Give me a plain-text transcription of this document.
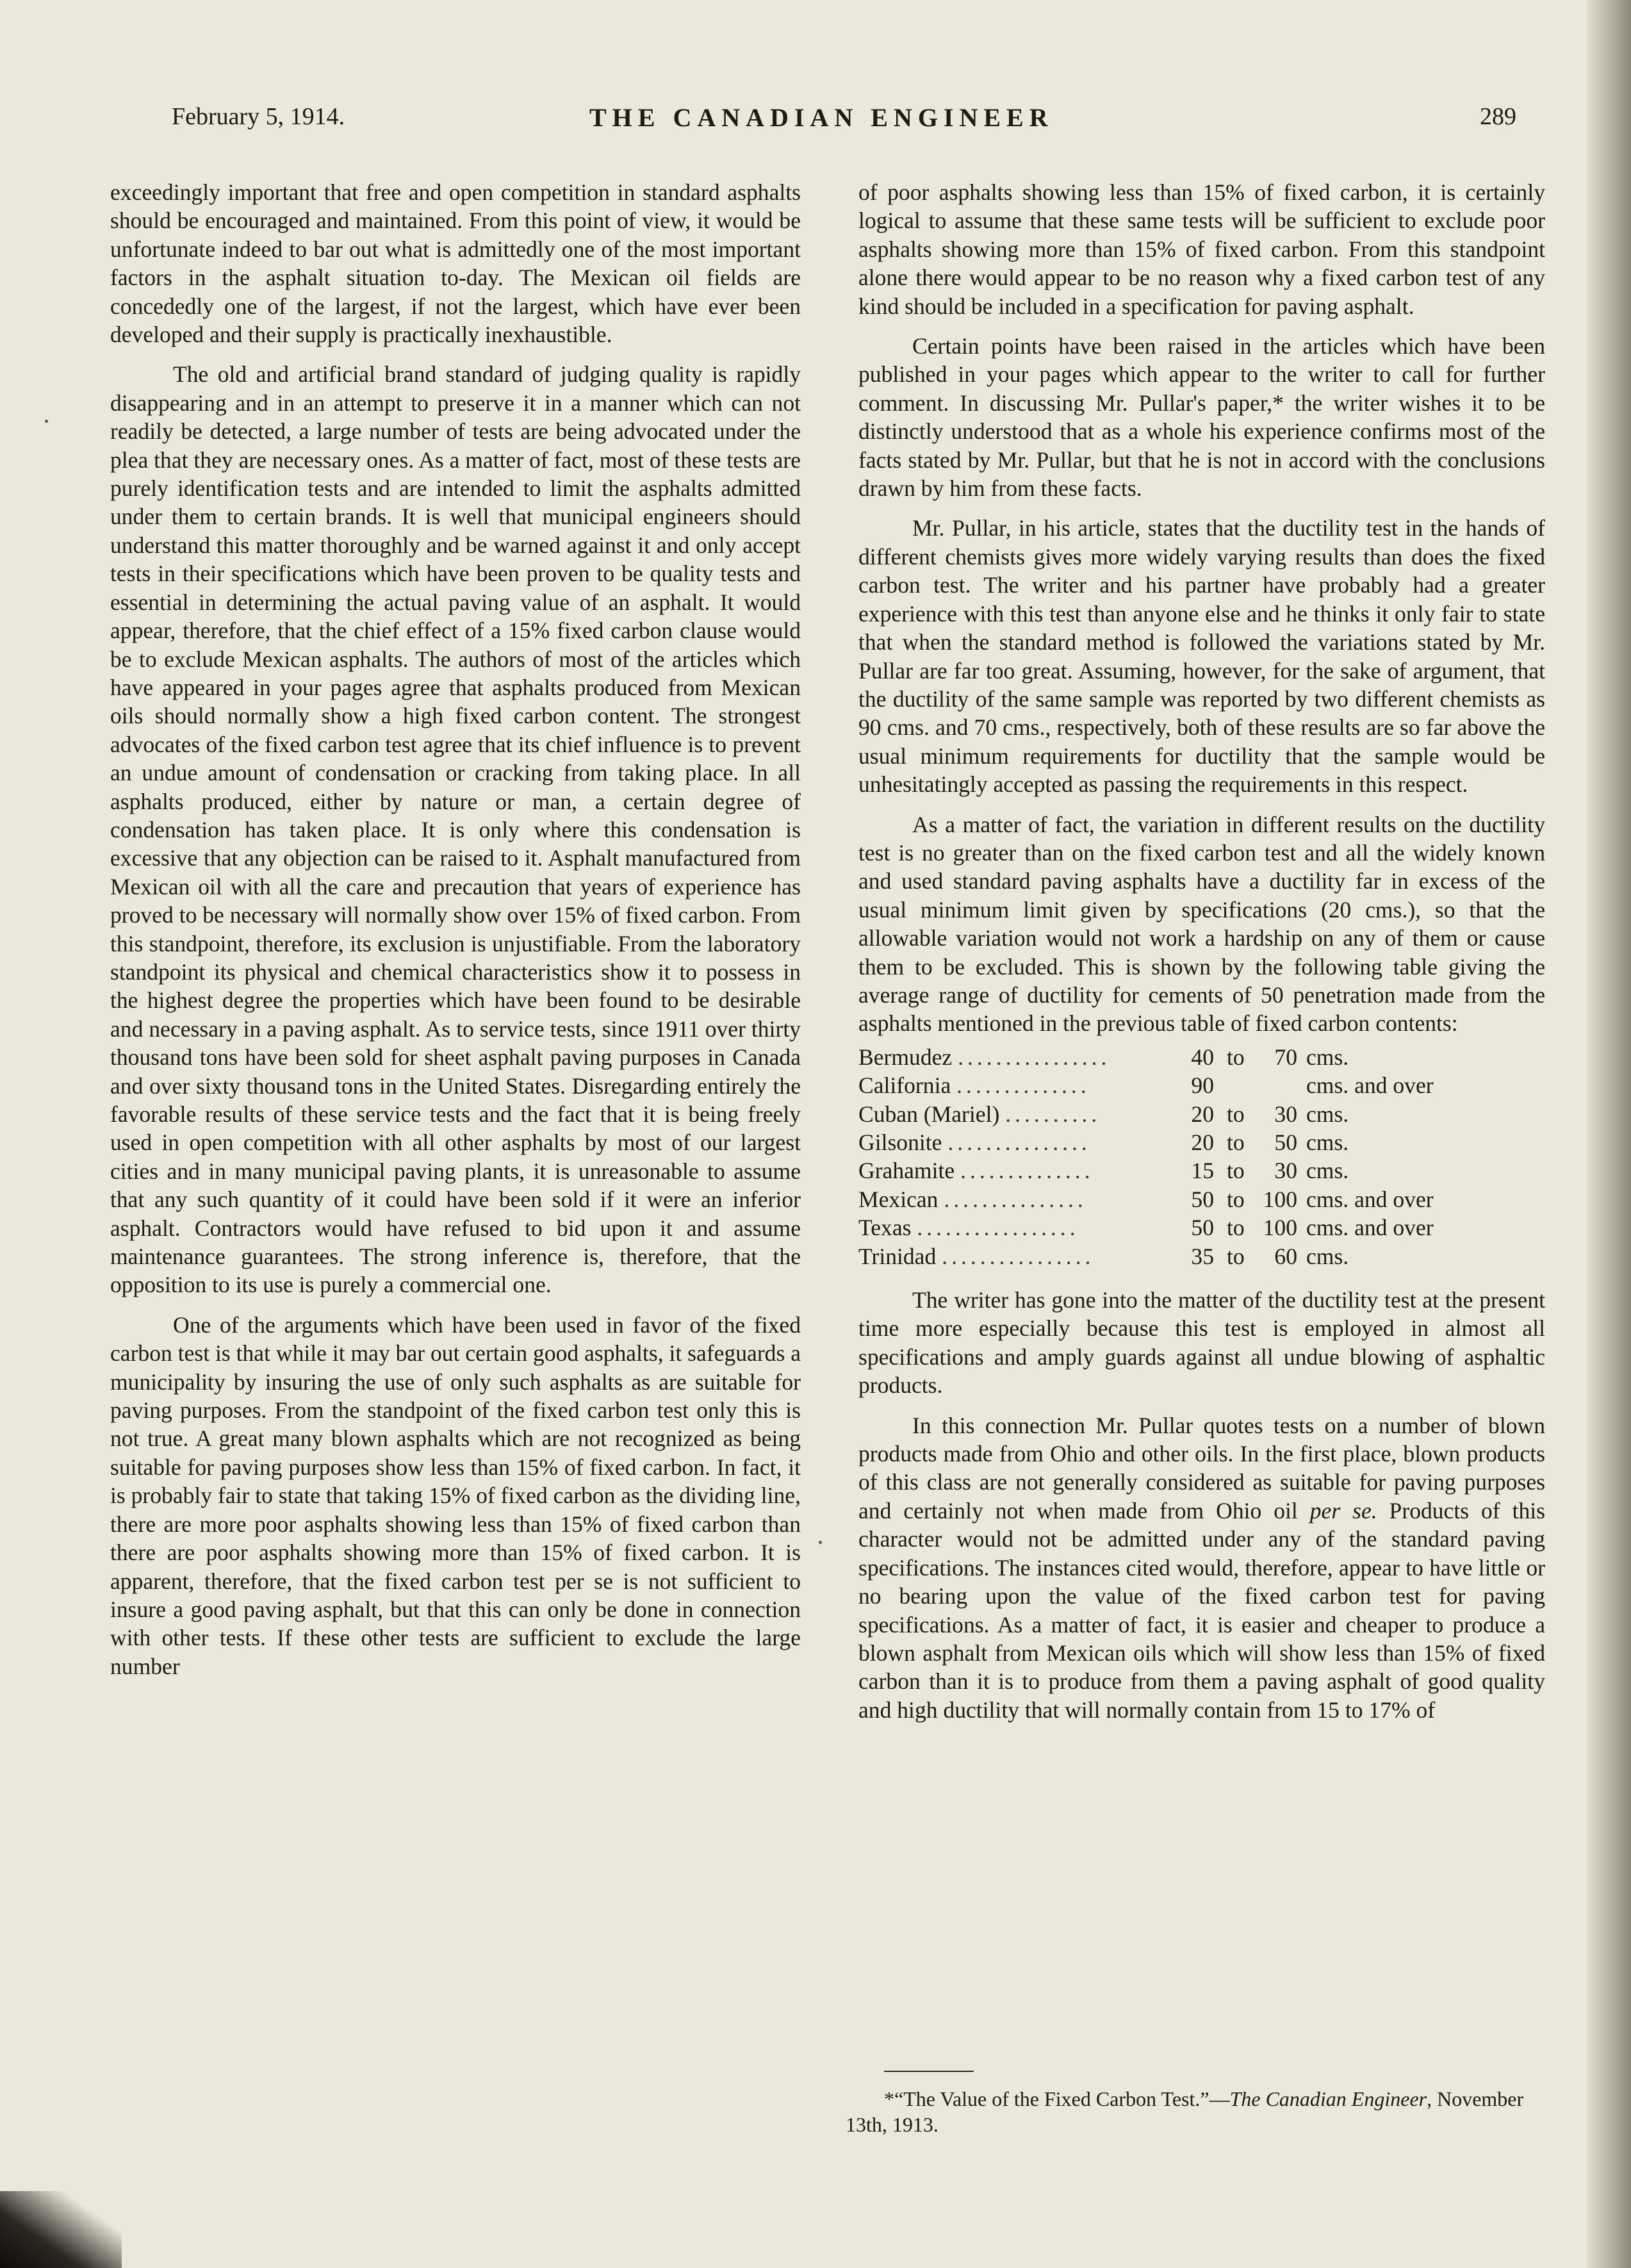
February 5, 1914.	THE CANADIAN ENGINEER	289

exceedingly important that free and open competition in standard asphalts should be encouraged and maintained. From this point of view, it would be unfortunate indeed to bar out what is admittedly one of the most important factors in the asphalt situation to-day. The Mexican oil fields are concededly one of the largest, if not the largest, which have ever been developed and their supply is practically inexhaustible.

The old and artificial brand standard of judging quality is rapidly disappearing and in an attempt to preserve it in a manner which can not readily be detected, a large number of tests are being advocated under the plea that they are necessary ones. As a matter of fact, most of these tests are purely identification tests and are intended to limit the asphalts admitted under them to certain brands. It is well that municipal engineers should understand this matter thoroughly and be warned against it and only accept tests in their specifications which have been proven to be quality tests and essential in determining the actual paving value of an asphalt. It would appear, therefore, that the chief effect of a 15% fixed carbon clause would be to exclude Mexican asphalts. The authors of most of the articles which have appeared in your pages agree that asphalts produced from Mexican oils should normally show a high fixed carbon content. The strongest advocates of the fixed carbon test agree that its chief influence is to prevent an undue amount of condensation or cracking from taking place. In all asphalts produced, either by nature or man, a certain degree of condensation has taken place. It is only where this condensation is excessive that any objection can be raised to it. Asphalt manufactured from Mexican oil with all the care and precaution that years of experience has proved to be necessary will normally show over 15% of fixed carbon. From this standpoint, therefore, its exclusion is unjustifiable. From the laboratory standpoint its physical and chemical characteristics show it to possess in the highest degree the properties which have been found to be desirable and necessary in a paving asphalt. As to service tests, since 1911 over thirty thousand tons have been sold for sheet asphalt paving purposes in Canada and over sixty thousand tons in the United States. Disregarding entirely the favorable results of these service tests and the fact that it is being freely used in open competition with all other asphalts by most of our largest cities and in many municipal paving plants, it is unreasonable to assume that any such quantity of it could have been sold if it were an inferior asphalt. Contractors would have refused to bid upon it and assume maintenance guarantees. The strong inference is, therefore, that the opposition to its use is purely a commercial one.

One of the arguments which have been used in favor of the fixed carbon test is that while it may bar out certain good asphalts, it safeguards a municipality by insuring the use of only such asphalts as are suitable for paving purposes. From the standpoint of the fixed carbon test only this is not true. A great many blown asphalts which are not recognized as being suitable for paving purposes show less than 15% of fixed carbon. In fact, it is probably fair to state that taking 15% of fixed carbon as the dividing line, there are more poor asphalts showing less than 15% of fixed carbon than there are poor asphalts showing more than 15% of fixed carbon. It is apparent, therefore, that the fixed carbon test per se is not sufficient to insure a good paving asphalt, but that this can only be done in connection with other tests. If these other tests are sufficient to exclude the large number

of poor asphalts showing less than 15% of fixed carbon, it is certainly logical to assume that these same tests will be sufficient to exclude poor asphalts showing more than 15% of fixed carbon. From this standpoint alone there would appear to be no reason why a fixed carbon test of any kind should be included in a specification for paving asphalt.

Certain points have been raised in the articles which have been published in your pages which appear to the writer to call for further comment. In discussing Mr. Pullar's paper,* the writer wishes it to be distinctly understood that as a whole his experience confirms most of the facts stated by Mr. Pullar, but that he is not in accord with the conclusions drawn by him from these facts.

Mr. Pullar, in his article, states that the ductility test in the hands of different chemists gives more widely varying results than does the fixed carbon test. The writer and his partner have probably had a greater experience with this test than anyone else and he thinks it only fair to state that when the standard method is followed the variations stated by Mr. Pullar are far too great. Assuming, however, for the sake of argument, that the ductility of the same sample was reported by two different chemists as 90 cms. and 70 cms., respectively, both of these results are so far above the usual minimum requirements for ductility that the sample would be unhesitatingly accepted as passing the requirements in this respect.

As a matter of fact, the variation in different results on the ductility test is no greater than on the fixed carbon test and all the widely known and used standard paving asphalts have a ductility far in excess of the usual minimum limit given by specifications (20 cms.), so that the allowable variation would not work a hardship on any of them or cause them to be excluded. This is shown by the following table giving the average range of ductility for cements of 50 penetration made from the asphalts mentioned in the previous table of fixed carbon contents:

Bermudez ................	40	to	70	cms.
California ..............	90			cms. and over
Cuban (Mariel) ..........	20	to	30	cms.
Gilsonite ...............	20	to	50	cms.
Grahamite ..............	15	to	30	cms.
Mexican ...............	50	to	100	cms. and over
Texas .................	50	to	100	cms. and over
Trinidad ................	35	to	60	cms.

The writer has gone into the matter of the ductility test at the present time more especially because this test is employed in almost all specifications and amply guards against all undue blowing of asphaltic products.

In this connection Mr. Pullar quotes tests on a number of blown products made from Ohio and other oils. In the first place, blown products of this class are not generally considered as suitable for paving purposes and certainly not when made from Ohio oil per se. Products of this character would not be admitted under any of the standard paving specifications. The instances cited would, therefore, appear to have little or no bearing upon the value of the fixed carbon test for paving specifications. As a matter of fact, it is easier and cheaper to produce a blown asphalt from Mexican oils which will show less than 15% of fixed carbon than it is to produce from them a paving asphalt of good quality and high ductility that will normally contain from 15 to 17% of

*“The Value of the Fixed Carbon Test.”—The Canadian Engineer, November 13th, 1913.
